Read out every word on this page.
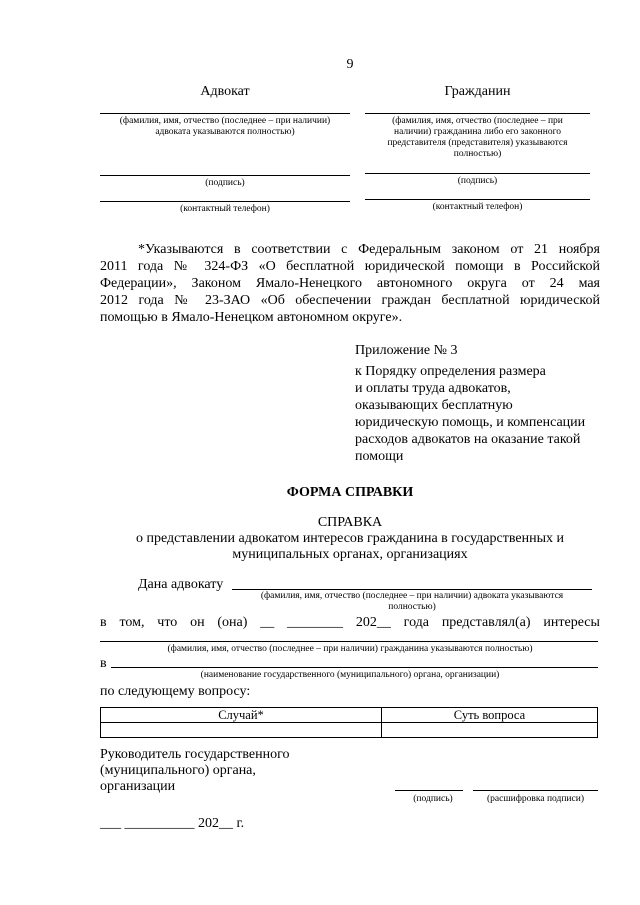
9
Адвокат
(фамилия, имя, отчество (последнее – при наличии)
адвоката указываются полностью)
(подпись)
(контактный телефон)
Гражданин
(фамилия, имя, отчество (последнее – при
наличии) гражданина либо его законного
представителя (представителя) указываются
полностью)
(подпись)
(контактный телефон)
*Указываются в соответствии с Федеральным законом от 21 ноября
2011 года № 324-ФЗ «О бесплатной юридической помощи в Российской
Федерации», Законом Ямало-Ненецкого автономного округа от 24 мая
2012 года № 23-ЗАО «Об обеспечении граждан бесплатной юридической
помощью в Ямало-Ненецком автономном округе».
Приложение № 3
к Порядку определения размера
и оплаты труда адвокатов,
оказывающих бесплатную
юридическую помощь, и компенсации
расходов адвокатов на оказание такой
помощи
ФОРМА СПРАВКИ
СПРАВКА
о представлении адвокатом интересов гражданина в государственных и
муниципальных органах, организациях
Дана адвокату
(фамилия, имя, отчество (последнее – при наличии) адвоката указываются
полностью)
в том, что он (она) __ ________ 202__ года представлял(а) интересы
(фамилия, имя, отчество (последнее – при наличии) гражданина указываются полностью)
в
(наименование государственного (муниципального) органа, организации)
по следующему вопросу:
Случай*	Суть вопроса

Руководитель государственного
(муниципального) органа,
организации
(подпись)	(расшифровка подписи)
___ __________ 202__ г.
